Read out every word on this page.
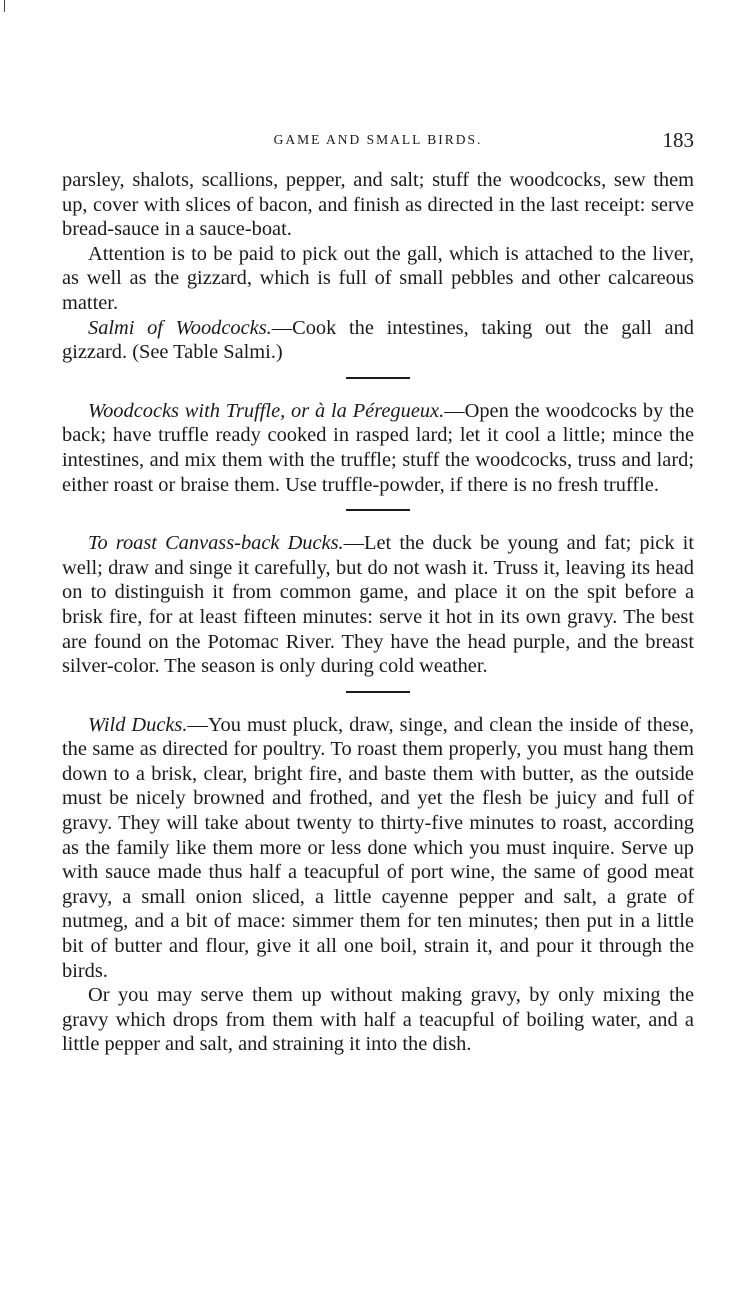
GAME AND SMALL BIRDS.	183

parsley, shalots, scallions, pepper, and salt; stuff the woodcocks, sew them up, cover with slices of bacon, and finish as directed in the last receipt: serve bread-sauce in a sauce-boat.

Attention is to be paid to pick out the gall, which is attached to the liver, as well as the gizzard, which is full of small pebbles and other calcareous matter.

Salmi of Woodcocks.—Cook the intestines, taking out the gall and gizzard. (See Table Salmi.)

Woodcocks with Truffle, or à la Péregueux.—Open the woodcocks by the back; have truffle ready cooked in rasped lard; let it cool a little; mince the intestines, and mix them with the truffle; stuff the woodcocks, truss and lard; either roast or braise them. Use truffle-powder, if there is no fresh truffle.

To roast Canvass-back Ducks.—Let the duck be young and fat; pick it well; draw and singe it carefully, but do not wash it. Truss it, leaving its head on to distinguish it from common game, and place it on the spit before a brisk fire, for at least fifteen minutes: serve it hot in its own gravy. The best are found on the Potomac River. They have the head purple, and the breast silver-color. The season is only during cold weather.

Wild Ducks.—You must pluck, draw, singe, and clean the inside of these, the same as directed for poultry. To roast them properly, you must hang them down to a brisk, clear, bright fire, and baste them with butter, as the outside must be nicely browned and frothed, and yet the flesh be juicy and full of gravy. They will take about twenty to thirty-five minutes to roast, according as the family like them more or less done which you must inquire. Serve up with sauce made thus half a teacupful of port wine, the same of good meat gravy, a small onion sliced, a little cayenne pepper and salt, a grate of nutmeg, and a bit of mace: simmer them for ten minutes; then put in a little bit of butter and flour, give it all one boil, strain it, and pour it through the birds.

Or you may serve them up without making gravy, by only mixing the gravy which drops from them with half a teacupful of boiling water, and a little pepper and salt, and straining it into the dish.
